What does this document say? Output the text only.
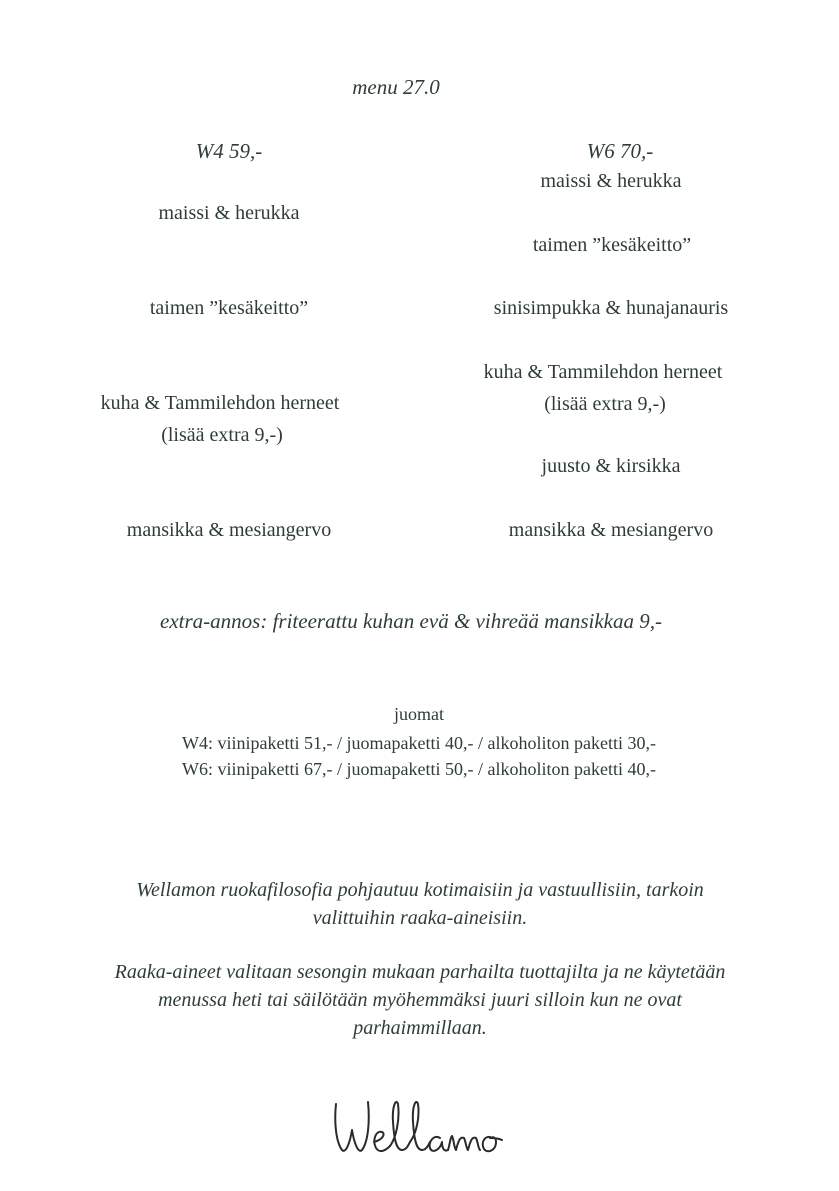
menu 27.0
W4 59,-
maissi & herukka
taimen ”kesäkeitto”
kuha & Tammilehdon herneet
(lisää extra 9,-)
mansikka & mesiangervo
W6 70,-
maissi & herukka
taimen ”kesäkeitto”
sinisimpukka & hunajanauris
kuha & Tammilehdon herneet
(lisää extra 9,-)
juusto & kirsikka
mansikka & mesiangervo
extra-annos: friteerattu kuhan evä & vihreää mansikkaa 9,-
juomat
W4: viinipaketti 51,- / juomapaketti 40,- / alkoholiton paketti 30,-
W6: viinipaketti 67,- / juomapaketti 50,- / alkoholiton paketti 40,-
Wellamon ruokafilosofia pohjautuu kotimaisiin ja vastuullisiin, tarkoin valittuihin raaka-aineisiin.
Raaka-aineet valitaan sesongin mukaan parhailta tuottajilta ja ne käytetään menussa heti tai säilötään myöhemmäksi juuri silloin kun ne ovat parhaimmillaan.
